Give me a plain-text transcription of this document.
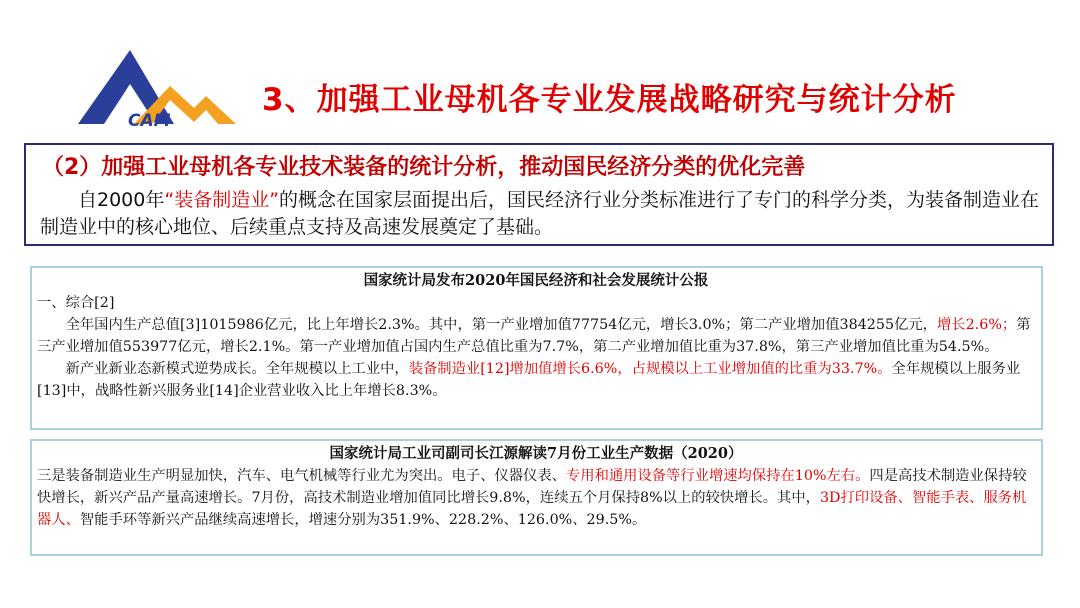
CAM
3、加强工业母机各专业发展战略研究与统计分析
（2）加强工业母机各专业技术装备的统计分析，推动国民经济分类的优化完善
自2000年“装备制造业”的概念在国家层面提出后，国民经济行业分类标准进行了专门的科学分类，为装备制造业在制造业中的核心地位、后续重点支持及高速发展奠定了基础。
国家统计局发布2020年国民经济和社会发展统计公报
一、综合[2]
  全年国内生产总值[3]1015986亿元，比上年增长2.3%。其中，第一产业增加值77754亿元，增长3.0%；第二产业增加值384255亿元，增长2.6%；第三产业增加值553977亿元，增长2.1%。第一产业增加值占国内生产总值比重为7.7%，第二产业增加值比重为37.8%，第三产业增加值比重为54.5%。
  新产业新业态新模式逆势成长。全年规模以上工业中，装备制造业[12]增加值增长6.6%，占规模以上工业增加值的比重为33.7%。全年规模以上服务业[13]中，战略性新兴服务业[14]企业营业收入比上年增长8.3%。
国家统计局工业司副司长江源解读7月份工业生产数据（2020）
三是装备制造业生产明显加快，汽车、电气机械等行业尤为突出。电子、仪器仪表、专用和通用设备等行业增速均保持在10%左右。四是高技术制造业保持较快增长，新兴产品产量高速增长。7月份，高技术制造业增加值同比增长9.8%，连续五个月保持8%以上的较快增长。其中，3D打印设备、智能手表、服务机器人、智能手环等新兴产品继续高速增长，增速分别为351.9%、228.2%、126.0%、29.5%。
